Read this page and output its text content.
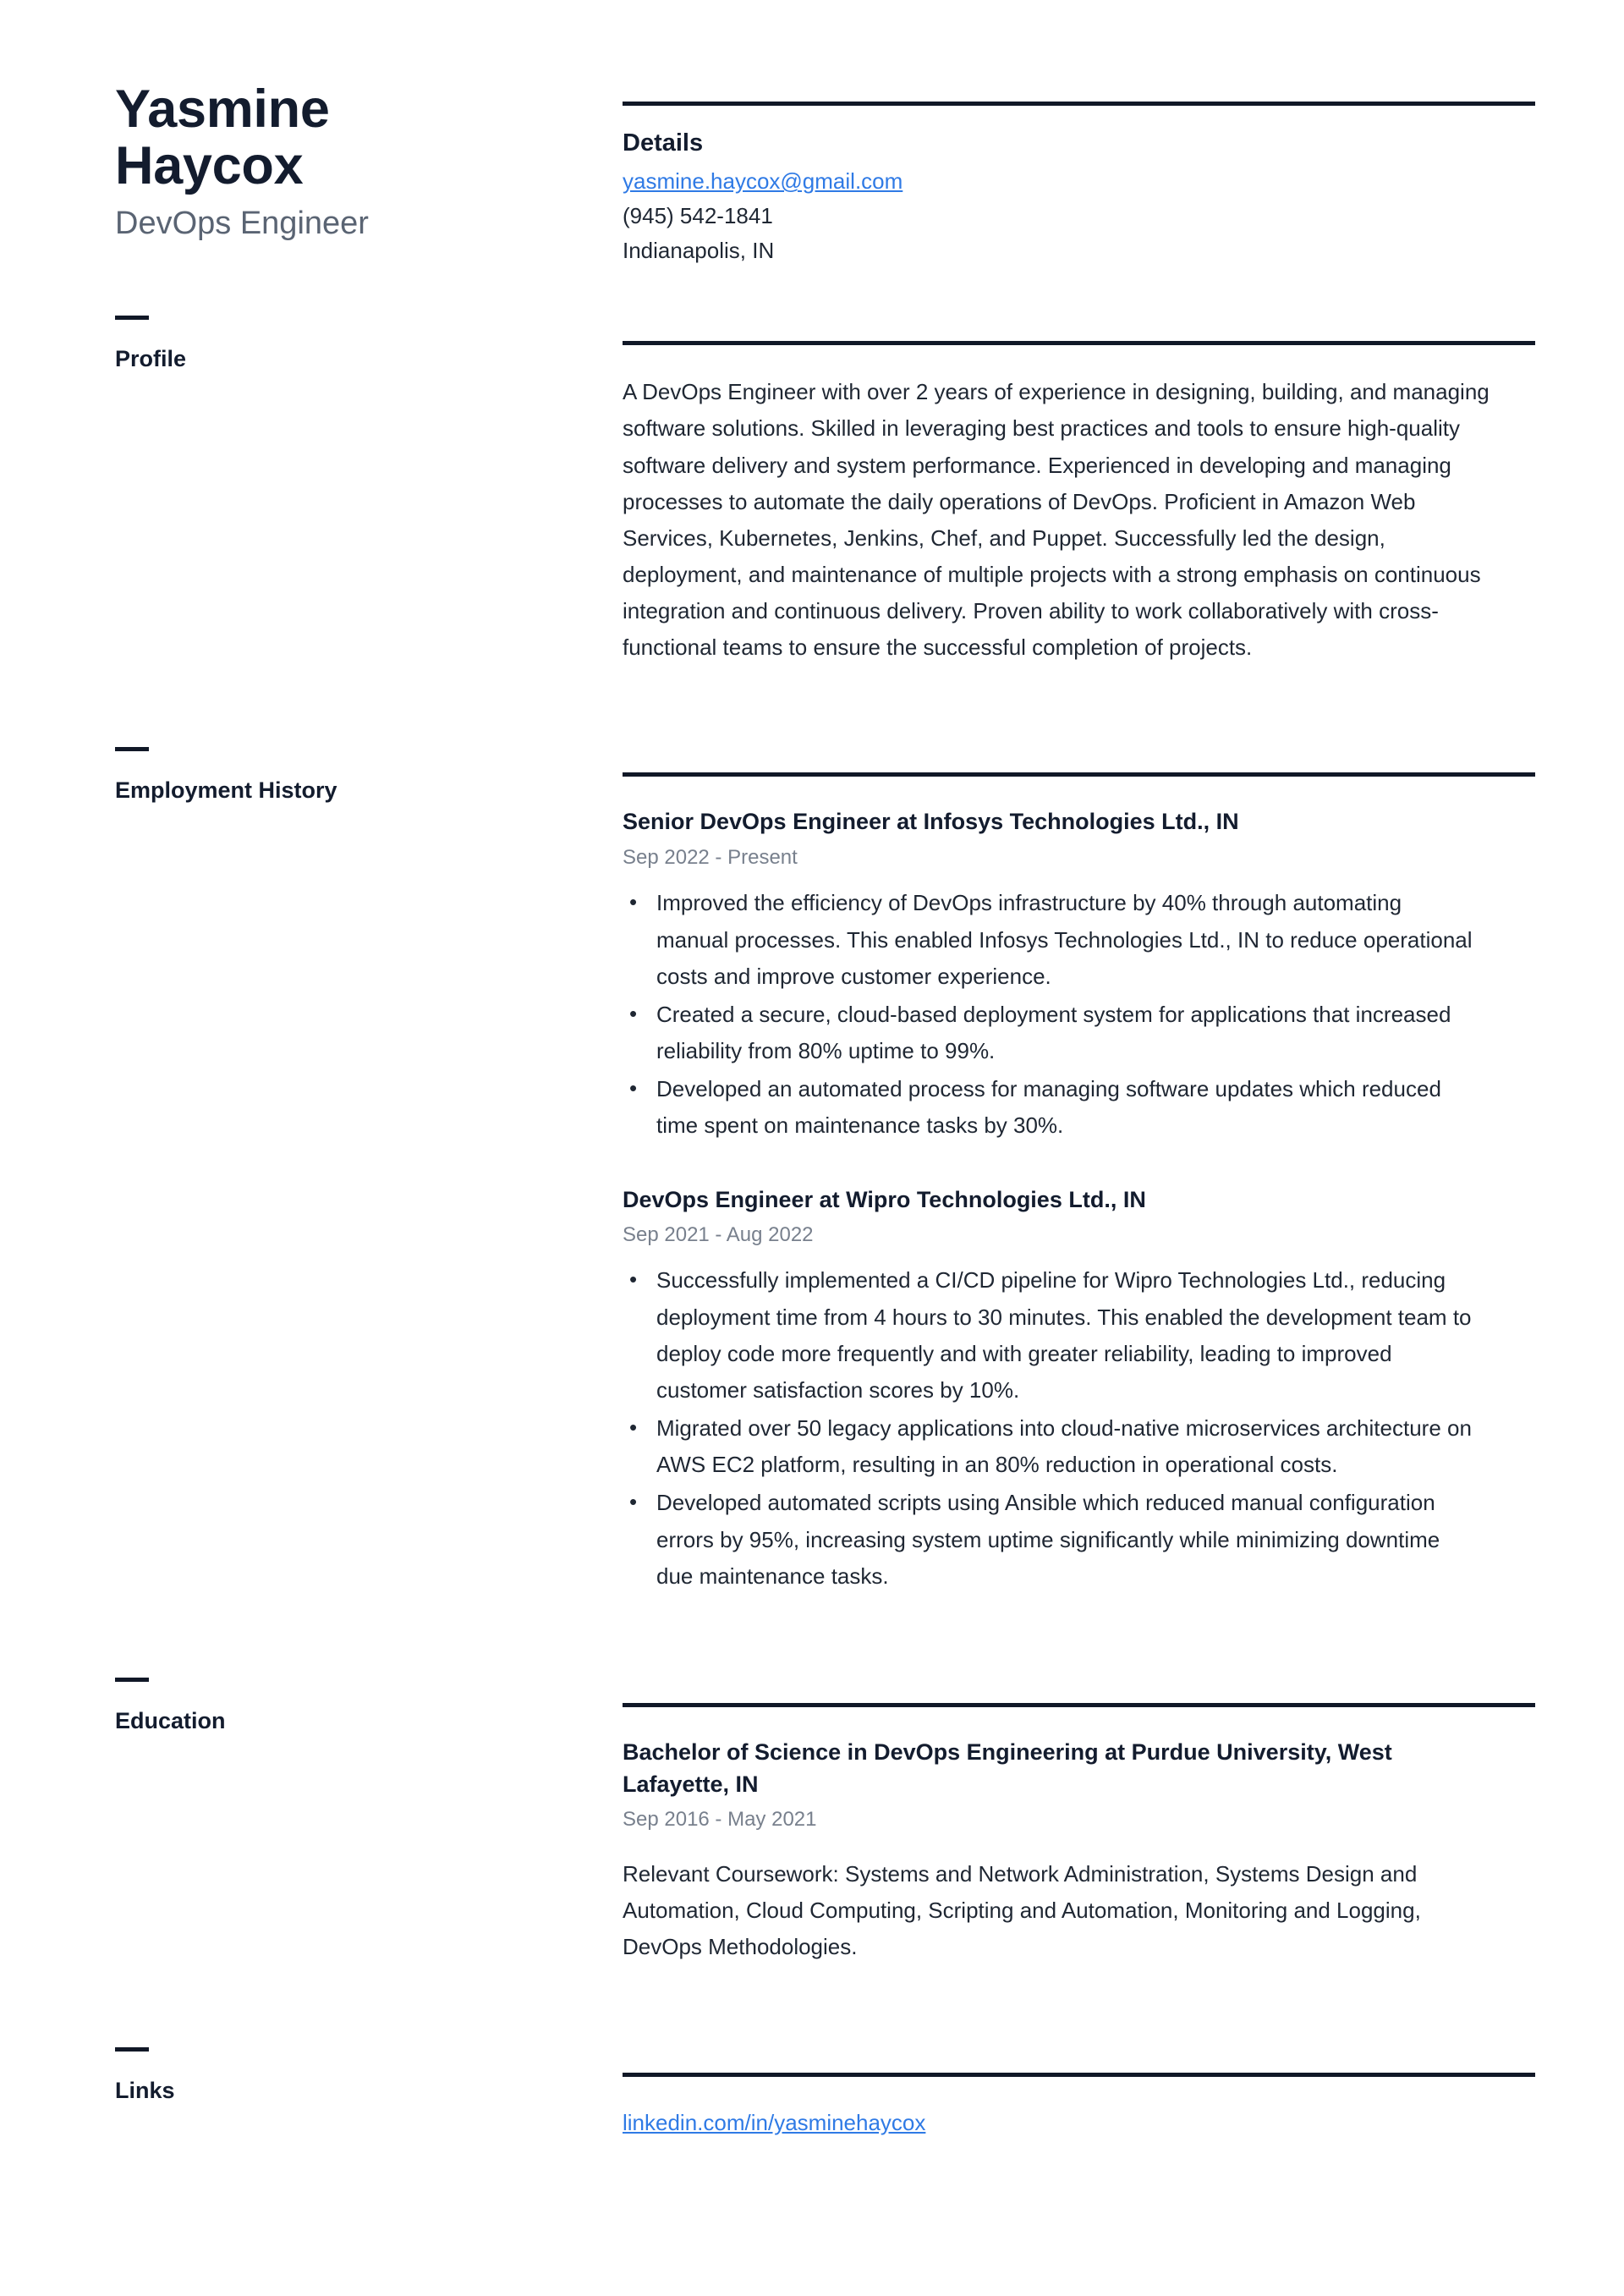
Yasmine
Haycox
DevOps Engineer
Details
yasmine.haycox@gmail.com
(945) 542-1841
Indianapolis, IN
Profile

A DevOps Engineer with over 2 years of experience in designing, building, and managing software solutions. Skilled in leveraging best practices and tools to ensure high-quality software delivery and system performance. Experienced in developing and managing processes to automate the daily operations of DevOps. Proficient in Amazon Web Services, Kubernetes, Jenkins, Chef, and Puppet. Successfully led the design, deployment, and maintenance of multiple projects with a strong emphasis on continuous integration and continuous delivery. Proven ability to work collaboratively with cross-functional teams to ensure the successful completion of projects.

Employment History
Senior DevOps Engineer at Infosys Technologies Ltd., IN
Sep 2022 - Present
• Improved the efficiency of DevOps infrastructure by 40% through automating manual processes. This enabled Infosys Technologies Ltd., IN to reduce operational costs and improve customer experience.
• Created a secure, cloud-based deployment system for applications that increased reliability from 80% uptime to 99%.
• Developed an automated process for managing software updates which reduced time spent on maintenance tasks by 30%.
DevOps Engineer at Wipro Technologies Ltd., IN
Sep 2021 - Aug 2022
• Successfully implemented a CI/CD pipeline for Wipro Technologies Ltd., reducing deployment time from 4 hours to 30 minutes. This enabled the development team to deploy code more frequently and with greater reliability, leading to improved customer satisfaction scores by 10%.
• Migrated over 50 legacy applications into cloud-native microservices architecture on AWS EC2 platform, resulting in an 80% reduction in operational costs.
• Developed automated scripts using Ansible which reduced manual configuration errors by 95%, increasing system uptime significantly while minimizing downtime due maintenance tasks.
Education
Bachelor of Science in DevOps Engineering at Purdue University, West Lafayette, IN
Sep 2016 - May 2021

Relevant Coursework: Systems and Network Administration, Systems Design and Automation, Cloud Computing, Scripting and Automation, Monitoring and Logging, DevOps Methodologies.

Links
linkedin.com/in/yasminehaycox
